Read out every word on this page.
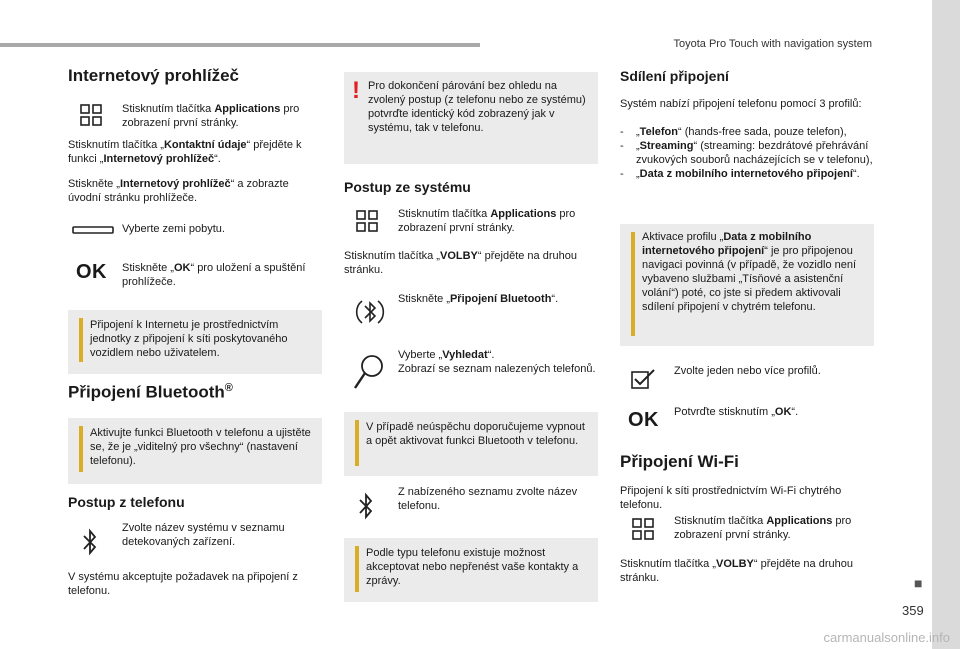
Toyota Pro Touch with navigation system
■
359
carmanualsonline.info
Internetový prohlížeč

Stisknutím tlačítka Applications pro zobrazení první stránky.

Stisknutím tlačítka „Kontaktní údaje“ přejděte k funkci „Internetový prohlížeč“.

Stiskněte „Internetový prohlížeč“ a zobrazte úvodní stránku prohlížeče.

Vyberte zemi pobytu.

OK Stiskněte „OK“ pro uložení a spuštění prohlížeče.

Připojení k Internetu je prostřednictvím jednotky z připojení k síti poskytovaného vozidlem nebo uživatelem.

Připojení Bluetooth®

Aktivujte funkci Bluetooth v telefonu a ujistěte se, že je „viditelný pro všechny“ (nastavení telefonu).

Postup z telefonu

Zvolte název systému v seznamu detekovaných zařízení.

V systému akceptujte požadavek na připojení z telefonu.

! Pro dokončení párování bez ohledu na zvolený postup (z telefonu nebo ze systému) potvrďte identický kód zobrazený jak v systému, tak v telefonu.

Postup ze systému

Stisknutím tlačítka Applications pro zobrazení první stránky.

Stisknutím tlačítka „VOLBY“ přejděte na druhou stránku.

Stiskněte „Připojení Bluetooth“.

Vyberte „Vyhledat“.
Zobrazí se seznam nalezených telefonů.

V případě neúspěchu doporučujeme vypnout a opět aktivovat funkci Bluetooth v telefonu.

Z nabízeného seznamu zvolte název telefonu.

Podle typu telefonu existuje možnost akceptovat nebo nepřenést vaše kontakty a zprávy.

Sdílení připojení

Systém nabízí připojení telefonu pomocí 3 profilů:

-	„Telefon“ (hands-free sada, pouze telefon),
-	„Streaming“ (streaming: bezdrátové přehrávání zvukových souborů nacházejících se v telefonu),
-	„Data z mobilního internetového připojení“.

Aktivace profilu „Data z mobilního internetového připojení“ je pro připojenou navigaci povinná (v případě, že vozidlo není vybaveno službami „Tísňové a asistenční volání“) poté, co jste si předem aktivovali sdílení připojení v chytrém telefonu.

Zvolte jeden nebo více profilů.

OK Potvrďte stisknutím „OK“.

Připojení Wi-Fi

Připojení k síti prostřednictvím Wi-Fi chytrého telefonu.

Stisknutím tlačítka Applications pro zobrazení první stránky.

Stisknutím tlačítka „VOLBY“ přejděte na druhou stránku.
